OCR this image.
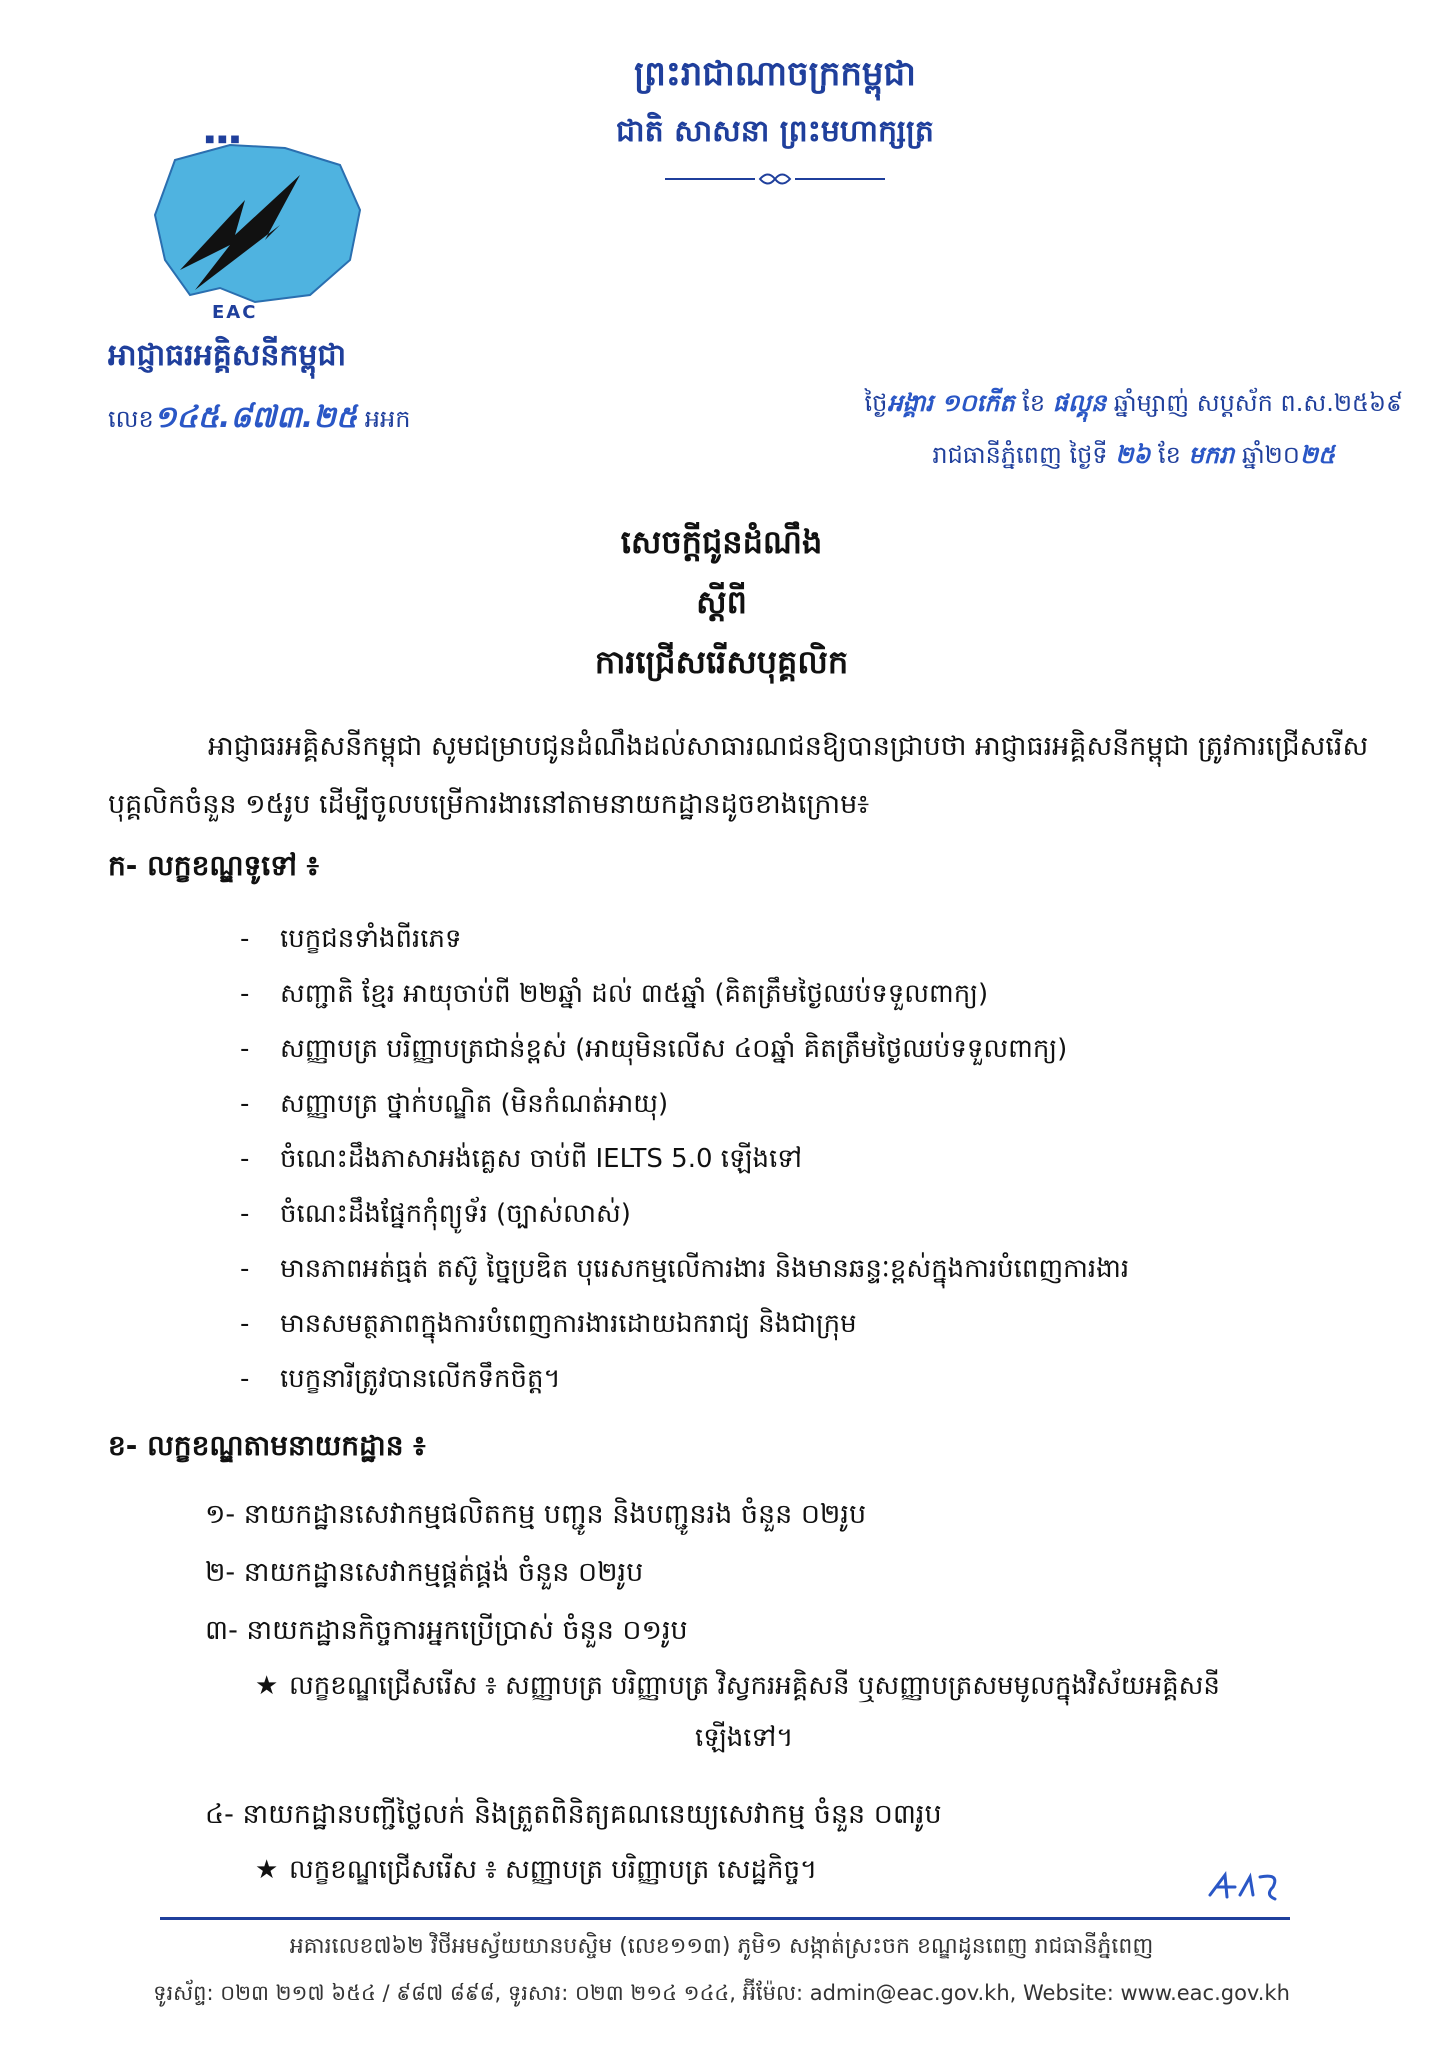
ព្រះរាជាណាចក្រកម្ពុជា
ជាតិ សាសនា ព្រះមហាក្សត្រ
■ ■ ■
EAC
អាជ្ញាធរអគ្គិសនីកម្ពុជា
លេខ១៤៥.៨៧៣.២៥ អអក
ថ្ងៃអង្គារ ១០កើត ខែ ផល្គុន ឆ្នាំម្សាញ់ សប្តស័ក ព.ស.២៥៦៩
រាជធានីភ្នំពេញ ថ្ងៃទី ២៦ ខែ មករា ឆ្នាំ២០២៥
សេចក្តីជូនដំណឹង
ស្តីពី
ការជ្រើសរើសបុគ្គលិក
អាជ្ញាធរអគ្គិសនីកម្ពុជា សូមជម្រាបជូនដំណឹងដល់សាធារណជនឱ្យបានជ្រាបថា អាជ្ញាធរអគ្គិសនីកម្ពុជា ត្រូវការជ្រើសរើសបុគ្គលិកចំនួន ១៥រូប ដើម្បីចូលបម្រើការងារនៅតាមនាយកដ្ឋានដូចខាងក្រោម៖
ក- លក្ខខណ្ឌទូទៅ ៖
- បេក្ខជនទាំងពីរភេទ
- សញ្ជាតិ ខ្មែរ អាយុចាប់ពី ២២ឆ្នាំ ដល់ ៣៥ឆ្នាំ (គិតត្រឹមថ្ងៃឈប់ទទួលពាក្យ)
- សញ្ញាបត្រ បរិញ្ញាបត្រជាន់ខ្ពស់ (អាយុមិនលើស ៤០ឆ្នាំ គិតត្រឹមថ្ងៃឈប់ទទួលពាក្យ)
- សញ្ញាបត្រ ថ្នាក់បណ្ឌិត (មិនកំណត់អាយុ)
- ចំណេះដឹងភាសាអង់គ្លេស ចាប់ពី IELTS 5.0 ឡើងទៅ
- ចំណេះដឹងផ្នែកកុំព្យូទ័រ (ច្បាស់លាស់)
- មានភាពអត់ធ្មត់ តស៊ូ ច្នៃប្រឌិត បុរេសកម្មលើការងារ និងមានឆន្ទៈខ្ពស់ក្នុងការបំពេញការងារ
- មានសមត្ថភាពក្នុងការបំពេញការងារដោយឯករាជ្យ និងជាក្រុម
- បេក្ខនារីត្រូវបានលើកទឹកចិត្ត។
ខ- លក្ខខណ្ឌតាមនាយកដ្ឋាន ៖
១- នាយកដ្ឋានសេវាកម្មផលិតកម្ម បញ្ជូន និងបញ្ជូនរង ចំនួន ០២រូប
២- នាយកដ្ឋានសេវាកម្មផ្គត់ផ្គង់ ចំនួន ០២រូប
៣- នាយកដ្ឋានកិច្ចការអ្នកប្រើប្រាស់ ចំនួន ០១រូប
★ លក្ខខណ្ឌជ្រើសរើស ៖ សញ្ញាបត្រ បរិញ្ញាបត្រ វិស្វករអគ្គិសនី ឬសញ្ញាបត្រសមមូលក្នុងវិស័យអគ្គិសនី
ឡើងទៅ។
៤- នាយកដ្ឋានបញ្ជីថ្លៃលក់ និងត្រួតពិនិត្យគណនេយ្យសេវាកម្ម ចំនួន ០៣រូប
★ លក្ខខណ្ឌជ្រើសរើស ៖ សញ្ញាបត្រ បរិញ្ញាបត្រ សេដ្ឋកិច្ច។
អគារលេខ៧៦២ វិថីអមស្វ័យយានបស្ចិម (លេខ១១៣) ភូមិ១ សង្កាត់ស្រះចក ខណ្ឌដូនពេញ រាជធានីភ្នំពេញ
ទូរស័ព្ទ: ០២៣ ២១៧ ៦៥៤ / ៩៨៧ ៨៩៨, ទូរសារ: ០២៣ ២១៤ ១៤៤, អ៊ីម៉ែល: admin@eac.gov.kh, Website: www.eac.gov.kh
